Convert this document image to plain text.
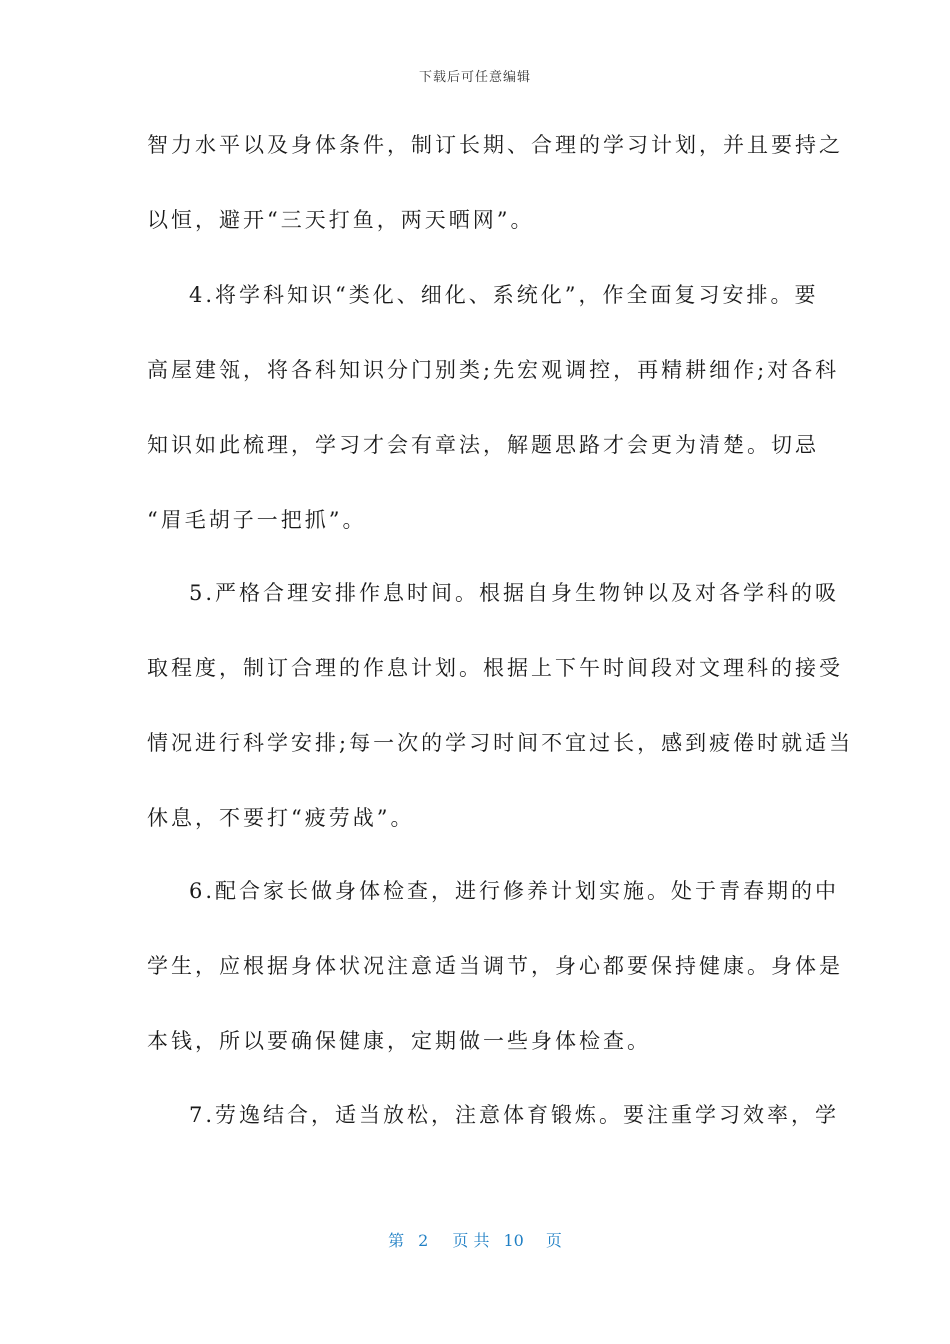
下载后可任意编辑
智力水平以及身体条件，制订长期、合理的学习计划，并且要持之
以恒，避开“三天打鱼，两天晒网”。
4.将学科知识“类化、细化、系统化”，作全面复习安排。要
高屋建瓴，将各科知识分门别类;先宏观调控，再精耕细作;对各科
知识如此梳理，学习才会有章法，解题思路才会更为清楚。切忌
“眉毛胡子一把抓”。
5.严格合理安排作息时间。根据自身生物钟以及对各学科的吸
取程度，制订合理的作息计划。根据上下午时间段对文理科的接受
情况进行科学安排;每一次的学习时间不宜过长，感到疲倦时就适当
休息，不要打“疲劳战”。
6.配合家长做身体检查，进行修养计划实施。处于青春期的中
学生，应根据身体状况注意适当调节，身心都要保持健康。身体是
本钱，所以要确保健康，定期做一些身体检查。
7.劳逸结合，适当放松，注意体育锻炼。要注重学习效率，学
第 2 页 共 10 页
